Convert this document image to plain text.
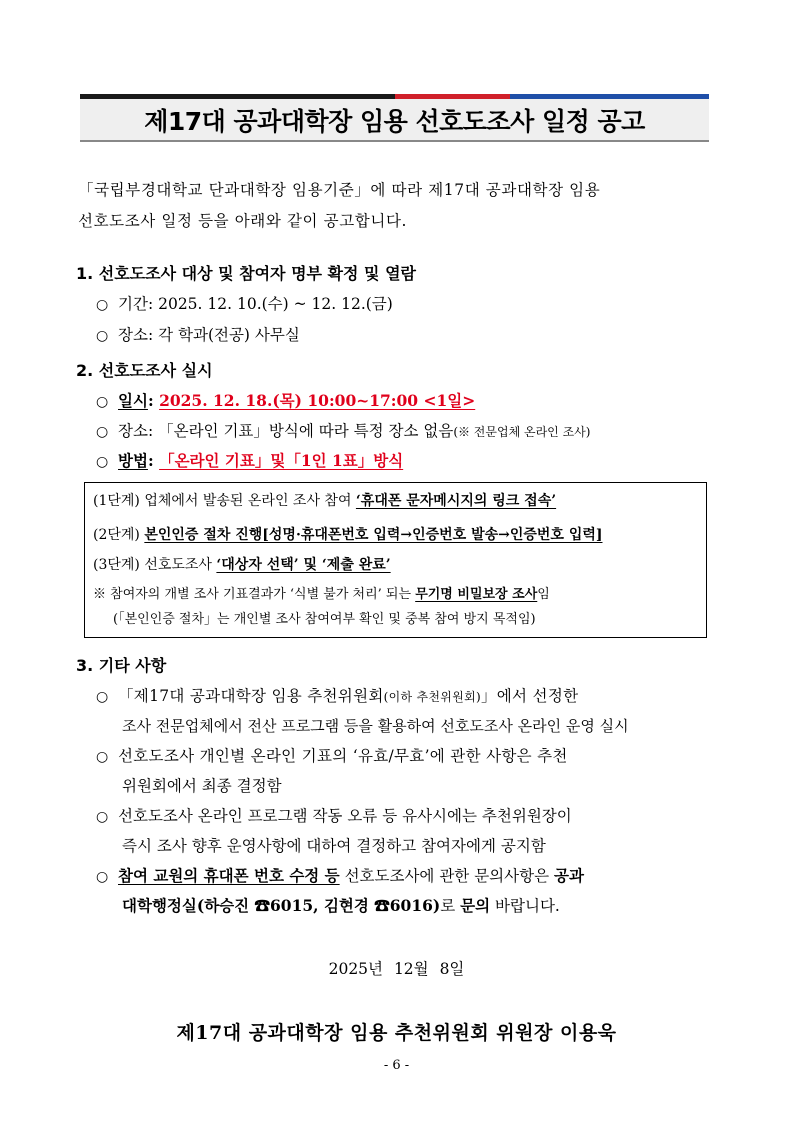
제17대 공과대학장 임용 선호도조사 일정 공고
「국립부경대학교 단과대학장 임용기준」에 따라 제17대 공과대학장 임용
선호도조사 일정 등을 아래와 같이 공고합니다.
1. 선호도조사 대상 및 참여자 명부 확정 및 열람
○ 기간: 2025. 12. 10.(수) ~ 12. 12.(금)
○ 장소: 각 학과(전공) 사무실
2. 선호도조사 실시
○ 일시: 2025. 12. 18.(목) 10:00~17:00 <1일>
○ 장소: 「온라인 기표」방식에 따라 특정 장소 없음(※ 전문업체 온라인 조사)
○ 방법: 「온라인 기표」및「1인 1표」방식
(1단계) 업체에서 발송된 온라인 조사 참여 ‘휴대폰 문자메시지의 링크 접속’
(2단계) 본인인증 절차 진행[성명·휴대폰번호 입력→인증번호 발송→인증번호 입력]
(3단계) 선호도조사 ‘대상자 선택’ 및 ‘제출 완료’
※ 참여자의 개별 조사 기표결과가 ‘식별 불가 처리’ 되는 무기명 비밀보장 조사임
(「본인인증 절차」는 개인별 조사 참여여부 확인 및 중복 참여 방지 목적임)
3. 기타 사항
○ 「제17대 공과대학장 임용 추천위원회(이하 추천위원회)」에서 선정한
조사 전문업체에서 전산 프로그램 등을 활용하여 선호도조사 온라인 운영 실시
○ 선호도조사 개인별 온라인 기표의 ‘유효/무효’에 관한 사항은 추천
위원회에서 최종 결정함
○ 선호도조사 온라인 프로그램 작동 오류 등 유사시에는 추천위원장이
즉시 조사 향후 운영사항에 대하여 결정하고 참여자에게 공지함
○ 참여 교원의 휴대폰 번호 수정 등 선호도조사에 관한 문의사항은 공과
대학행정실(하승진 ☎6015, 김현경 ☎6016)로 문의 바랍니다.
2025년 12월 8일
제17대 공과대학장 임용 추천위원회 위원장 이용욱
- 6 -
